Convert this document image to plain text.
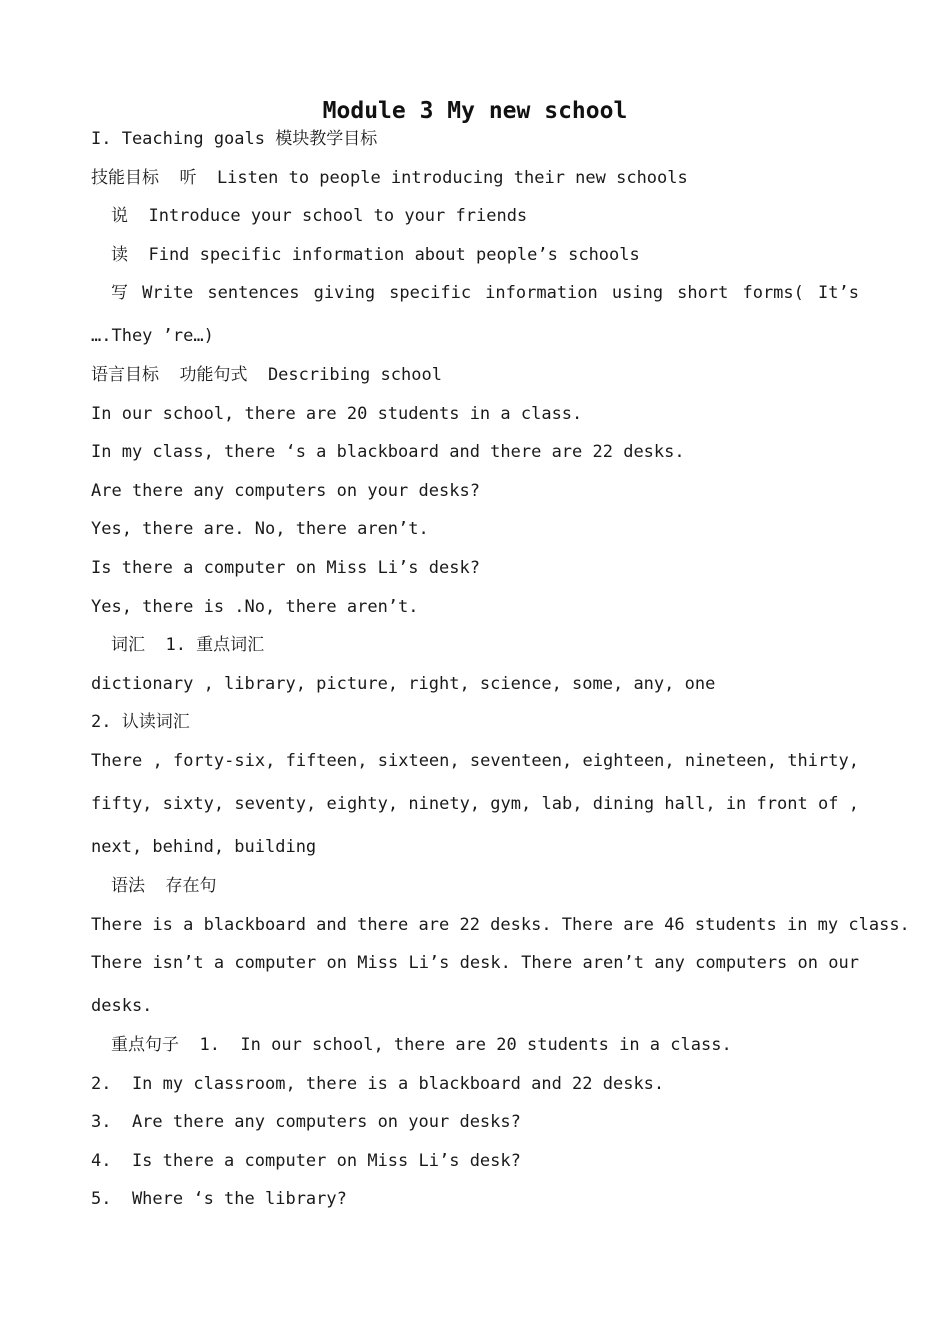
Module 3 My new school
I. Teaching goals 模块教学目标
技能目标  听  Listen to people introducing their new schools
说  Introduce your school to your friends
读  Find specific information about people’s schools
写 Write sentences giving specific information using short forms( It’s
….They ’re…)
语言目标  功能句式  Describing school
In our school, there are 20 students in a class.
In my class, there ‘s a blackboard and there are 22 desks.
Are there any computers on your desks?
Yes, there are. No, there aren’t.
Is there a computer on Miss Li’s desk?
Yes, there is .No, there aren’t.
词汇  1. 重点词汇
dictionary , library, picture, right, science, some, any, one
2. 认读词汇
There , forty-six, fifteen, sixteen, seventeen, eighteen, nineteen, thirty,
fifty, sixty, seventy, eighty, ninety, gym, lab, dining hall, in front of ,
next, behind, building
语法  存在句
There is a blackboard and there are 22 desks. There are 46 students in my class.
There isn’t a computer on Miss Li’s desk. There aren’t any computers on our
desks.
重点句子  1.  In our school, there are 20 students in a class.
2.  In my classroom, there is a blackboard and 22 desks.
3.  Are there any computers on your desks?
4.  Is there a computer on Miss Li’s desk?
5.  Where ‘s the library?
